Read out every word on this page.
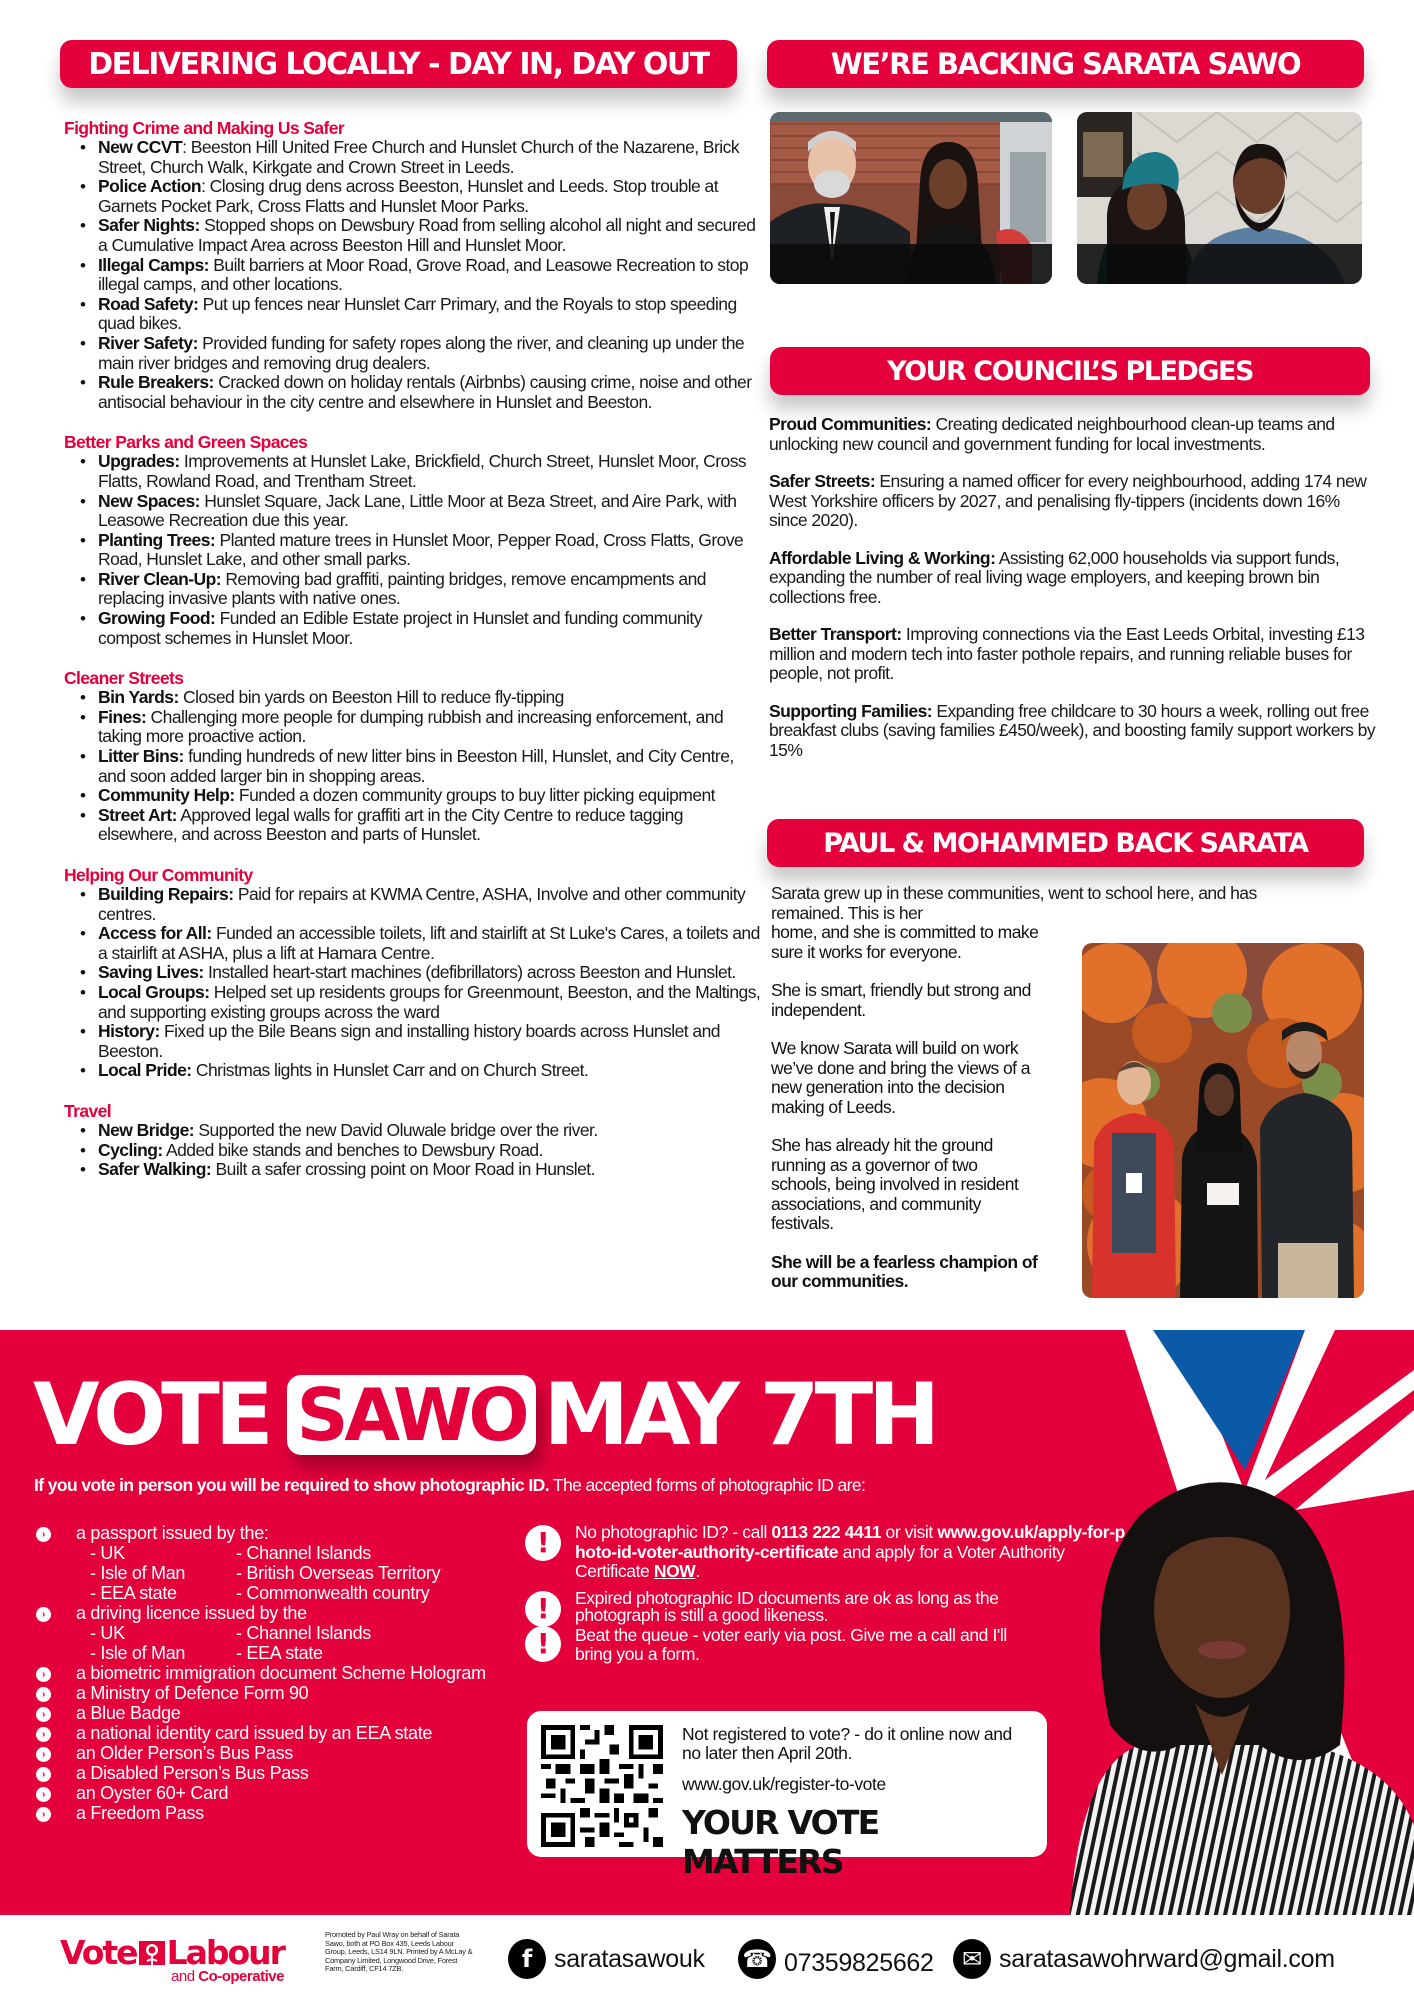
DELIVERING LOCALLY - DAY IN, DAY OUT
Fighting Crime and Making Us Safer
• New CCVT: Beeston Hill United Free Church and Hunslet Church of the Nazarene, Brick Street, Church Walk, Kirkgate and Crown Street in Leeds.
• Police Action: Closing drug dens across Beeston, Hunslet and Leeds. Stop trouble at Garnets Pocket Park, Cross Flatts and Hunslet Moor Parks.
• Safer Nights: Stopped shops on Dewsbury Road from selling alcohol all night and secured a Cumulative Impact Area across Beeston Hill and Hunslet Moor.
• Illegal Camps: Built barriers at Moor Road, Grove Road, and Leasowe Recreation to stop illegal camps, and other locations.
• Road Safety: Put up fences near Hunslet Carr Primary, and the Royals to stop speeding quad bikes.
• River Safety: Provided funding for safety ropes along the river, and cleaning up under the main river bridges and removing drug dealers.
• Rule Breakers: Cracked down on holiday rentals (Airbnbs) causing crime, noise and other antisocial behaviour in the city centre and elsewhere in Hunslet and Beeston.
Better Parks and Green Spaces
• Upgrades: Improvements at Hunslet Lake, Brickfield, Church Street, Hunslet Moor, Cross Flatts, Rowland Road, and Trentham Street.
• New Spaces: Hunslet Square, Jack Lane, Little Moor at Beza Street, and Aire Park, with Leasowe Recreation due this year.
• Planting Trees: Planted mature trees in Hunslet Moor, Pepper Road, Cross Flatts, Grove Road, Hunslet Lake, and other small parks.
• River Clean-Up: Removing bad graffiti, painting bridges, remove encampments and replacing invasive plants with native ones.
• Growing Food: Funded an Edible Estate project in Hunslet and funding community compost schemes in Hunslet Moor.
Cleaner Streets
• Bin Yards: Closed bin yards on Beeston Hill to reduce fly-tipping
• Fines: Challenging more people for dumping rubbish and increasing enforcement, and taking more proactive action.
• Litter Bins: funding hundreds of new litter bins in Beeston Hill, Hunslet, and City Centre, and soon added larger bin in shopping areas.
• Community Help: Funded a dozen community groups to buy litter picking equipment
• Street Art: Approved legal walls for graffiti art in the City Centre to reduce tagging elsewhere, and across Beeston and parts of Hunslet.
Helping Our Community
• Building Repairs: Paid for repairs at KWMA Centre, ASHA, Involve and other community centres.
• Access for All: Funded an accessible toilets, lift and stairlift at St Luke's Cares, a toilets and a stairlift at ASHA, plus a lift at Hamara Centre.
• Saving Lives: Installed heart-start machines (defibrillators) across Beeston and Hunslet.
• Local Groups: Helped set up residents groups for Greenmount, Beeston, and the Maltings, and supporting existing groups across the ward
• History: Fixed up the Bile Beans sign and installing history boards across Hunslet and Beeston.
• Local Pride: Christmas lights in Hunslet Carr and on Church Street.
Travel
• New Bridge: Supported the new David Oluwale bridge over the river.
• Cycling: Added bike stands and benches to Dewsbury Road.
• Safer Walking: Built a safer crossing point on Moor Road in Hunslet.
WE’RE BACKING SARATA SAWO
YOUR COUNCIL’S PLEDGES
Proud Communities: Creating dedicated neighbourhood clean-up teams and unlocking new council and government funding for local investments.
Safer Streets: Ensuring a named officer for every neighbourhood, adding 174 new West Yorkshire officers by 2027, and penalising fly-tippers (incidents down 16% since 2020).
Affordable Living & Working: Assisting 62,000 households via support funds, expanding the number of real living wage employers, and keeping brown bin collections free.
Better Transport: Improving connections via the East Leeds Orbital, investing £13 million and modern tech into faster pothole repairs, and running reliable buses for people, not profit.
Supporting Families: Expanding free childcare to 30 hours a week, rolling out free breakfast clubs (saving families £450/week), and boosting family support workers by 15%
PAUL & MOHAMMED BACK SARATA

Sarata grew up in these communities, went to school here, and has remained. This is her

home, and she is committed to make sure it works for everyone.

She is smart, friendly but strong and independent.

We know Sarata will build on work we’ve done and bring the views of a new generation into the decision making of Leeds.

She has already hit the ground running as a governor of two schools, being involved in resident associations, and community festivals.

She will be a fearless champion of our communities.

VOTE SAWO MAY 7TH
If you vote in person you will be required to show photographic ID. The accepted forms of photographic ID are:
›	a passport issued by the:
- UK	- Channel Islands
- Isle of Man	- British Overseas Territory
- EEA state	- Commonwealth country
›	a driving licence issued by the
- UK	- Channel Islands
- Isle of Man	- EEA state
›	a biometric immigration document Scheme Hologram
›	a Ministry of Defence Form 90
›	a Blue Badge
›	a national identity card issued by an EEA state
›	an Older Person’s Bus Pass
›	a Disabled Person’s Bus Pass
›	an Oyster 60+ Card
›	a Freedom Pass
!	No photographic ID? - call 0113 222 4411 or visit www.gov.uk/apply-for-photo-id-voter-authority-certificate and apply for a Voter Authority Certificate NOW.
!	Expired photographic ID documents are ok as long as the
!
photograph is still a good likeness.
Beat the queue - voter early via post. Give me a call and I'll bring you a form.
Not registered to vote? - do it online now and no later then April 20th.
www.gov.uk/register-to-vote
YOUR VOTE MATTERS
Vote Labour
and Co-operative
Promoted by Paul Wray on behalf of Sarata Sawo, both at PO Box 435, Leeds Labour Group, Leeds, LS14 9LN. Printed by A McLay & Company Limited, Longwood Drive, Forest Farm, Cardiff, CF14 7ZB.	f saratasawouk ☎ 07359825662	✉ saratasawohrward@gmail.com
